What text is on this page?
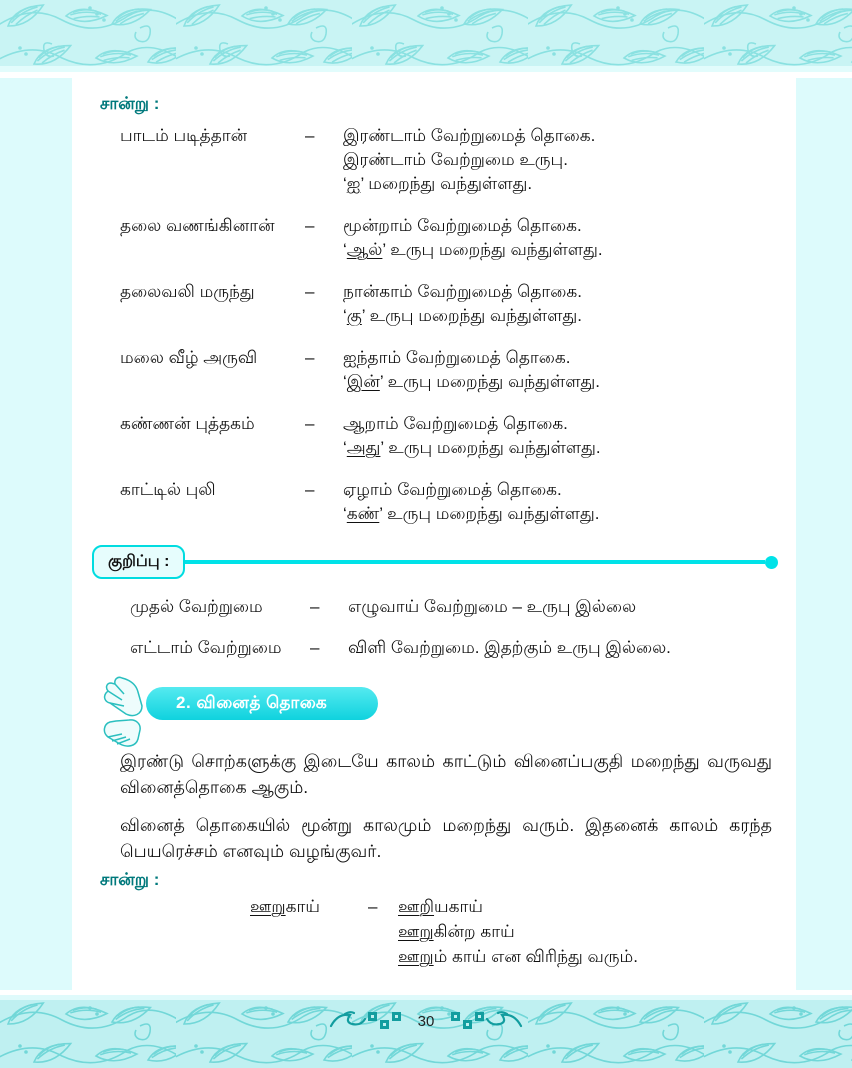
30
சான்று :
பாடம் படித்தான்	–	இரண்டாம் வேற்றுமைத் தொகை.
இரண்டாம் வேற்றுமை உருபு.
‘ஐ’ மறைந்து வந்துள்ளது.
தலை வணங்கினான்	–	மூன்றாம் வேற்றுமைத் தொகை.
‘ஆல்’ உருபு மறைந்து வந்துள்ளது.
தலைவலி மருந்து	–	நான்காம் வேற்றுமைத் தொகை.
‘கு’ உருபு மறைந்து வந்துள்ளது.
மலை வீழ் அருவி	–	ஐந்தாம் வேற்றுமைத் தொகை.
‘இன்’ உருபு மறைந்து வந்துள்ளது.
கண்ணன் புத்தகம்	–	ஆறாம் வேற்றுமைத் தொகை.
‘அது’ உருபு மறைந்து வந்துள்ளது.
காட்டில் புலி	–	ஏழாம் வேற்றுமைத் தொகை.
‘கண்’ உருபு மறைந்து வந்துள்ளது.
குறிப்பு :
முதல் வேற்றுமை	–	எழுவாய் வேற்றுமை – உருபு இல்லை
எட்டாம் வேற்றுமை	–	விளி வேற்றுமை. இதற்கும் உருபு இல்லை.
2. வினைத் தொகை

இரண்டு சொற்களுக்கு இடையே காலம் காட்டும் வினைப்பகுதி மறைந்து வருவது வினைத்தொகை ஆகும்.

வினைத் தொகையில் மூன்று காலமும் மறைந்து வரும். இதனைக் காலம் கரந்த பெயரெச்சம் எனவும் வழங்குவர்.

சான்று :
ஊறுகாய்	–	ஊறியகாய்
ஊறுகின்ற காய்
ஊறும் காய் என விரிந்து வரும்.
